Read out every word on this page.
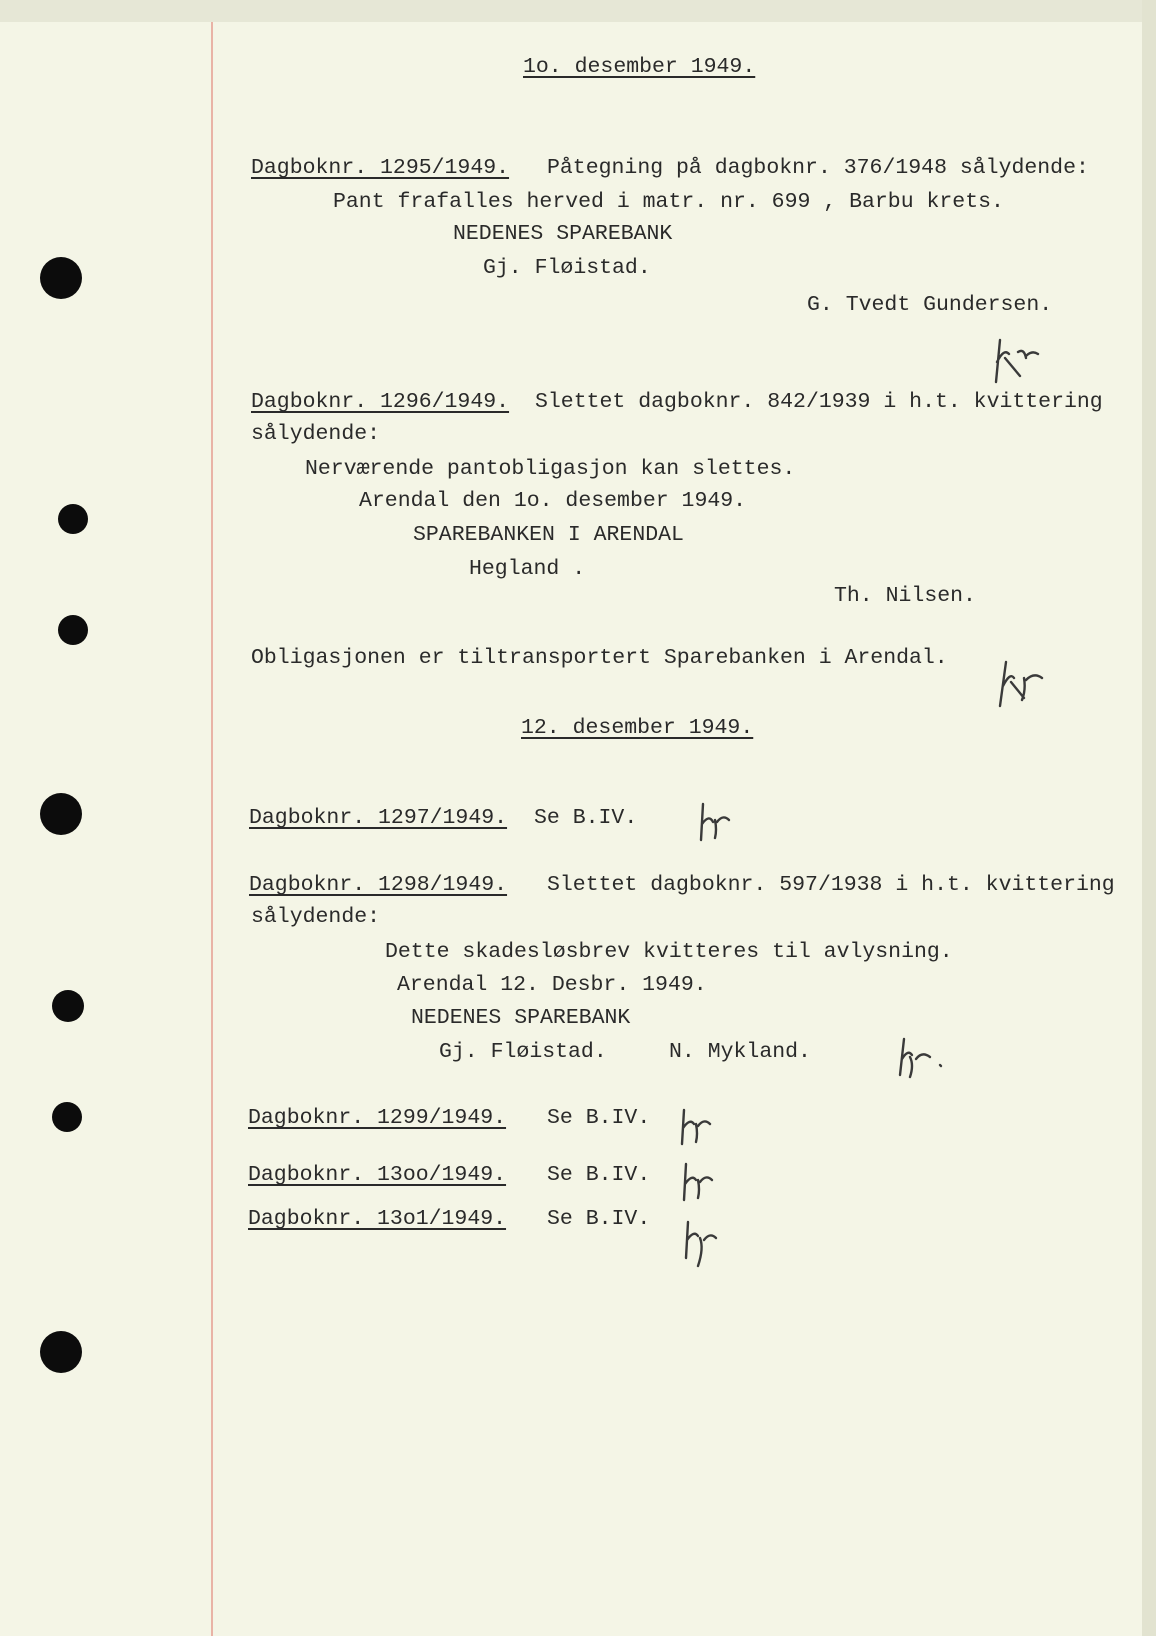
1o. desember 1949.
Dagboknr. 1295/1949. Påtegning på dagboknr. 376/1948 sålydende:
Pant frafalles herved i matr. nr. 699 , Barbu krets.
NEDENES SPAREBANK
Gj. Fløistad.
G. Tvedt Gundersen.
Dagboknr. 1296/1949. Slettet dagboknr. 842/1939 i h.t. kvittering
sålydende:
Nerværende pantobligasjon kan slettes.
Arendal den 1o. desember 1949.
SPAREBANKEN I ARENDAL
Hegland .
Th. Nilsen.
Obligasjonen er tiltransportert Sparebanken i Arendal.
12. desember 1949.
Dagboknr. 1297/1949. Se B.IV.
Dagboknr. 1298/1949. Slettet dagboknr. 597/1938 i h.t. kvittering
sålydende:
Dette skadesløsbrev kvitteres til avlysning.
Arendal 12. Desbr. 1949.
NEDENES SPAREBANK
Gj. Fløistad.	N. Mykland.
Dagboknr. 1299/1949. Se B.IV.
Dagboknr. 13oo/1949. Se B.IV.
Dagboknr. 13o1/1949. Se B.IV.
